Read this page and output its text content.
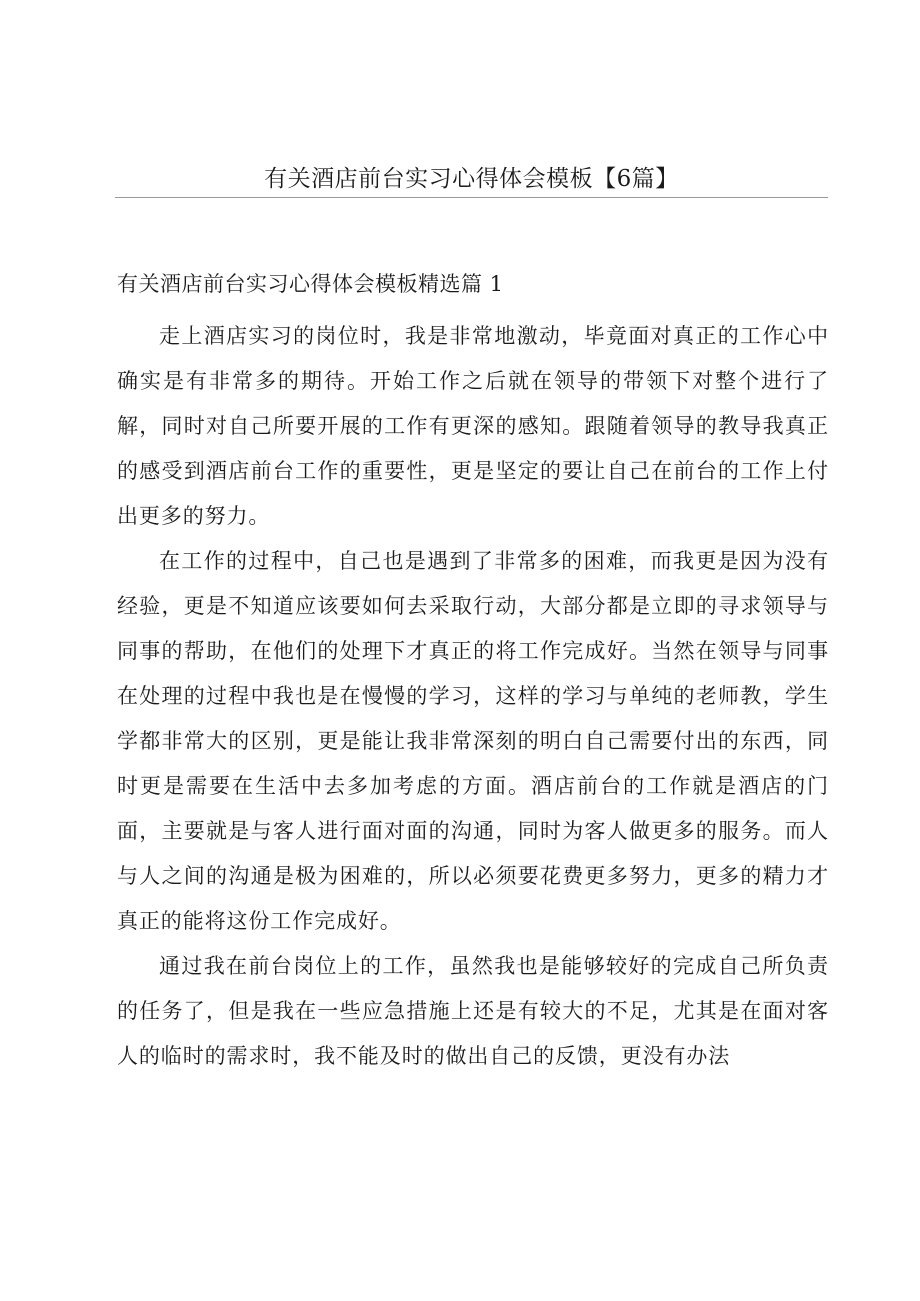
有关酒店前台实习心得体会模板【6篇】
有关酒店前台实习心得体会模板精选篇 1

走上酒店实习的岗位时，我是非常地激动，毕竟面对真正的工作心中确实是有非常多的期待。开始工作之后就在领导的带领下对整个进行了解，同时对自己所要开展的工作有更深的感知。跟随着领导的教导我真正的感受到酒店前台工作的重要性，更是坚定的要让自己在前台的工作上付出更多的努力。

在工作的过程中，自己也是遇到了非常多的困难，而我更是因为没有经验，更是不知道应该要如何去采取行动，大部分都是立即的寻求领导与同事的帮助，在他们的处理下才真正的将工作完成好。当然在领导与同事在处理的过程中我也是在慢慢的学习，这样的学习与单纯的老师教，学生学都非常大的区别，更是能让我非常深刻的明白自己需要付出的东西，同时更是需要在生活中去多加考虑的方面。酒店前台的工作就是酒店的门面，主要就是与客人进行面对面的沟通，同时为客人做更多的服务。而人与人之间的沟通是极为困难的，所以必须要花费更多努力，更多的精力才真正的能将这份工作完成好。

通过我在前台岗位上的工作，虽然我也是能够较好的完成自己所负责的任务了，但是我在一些应急措施上还是有较大的不足，尤其是在面对客人的临时的需求时，我不能及时的做出自己的反馈，更没有办法
